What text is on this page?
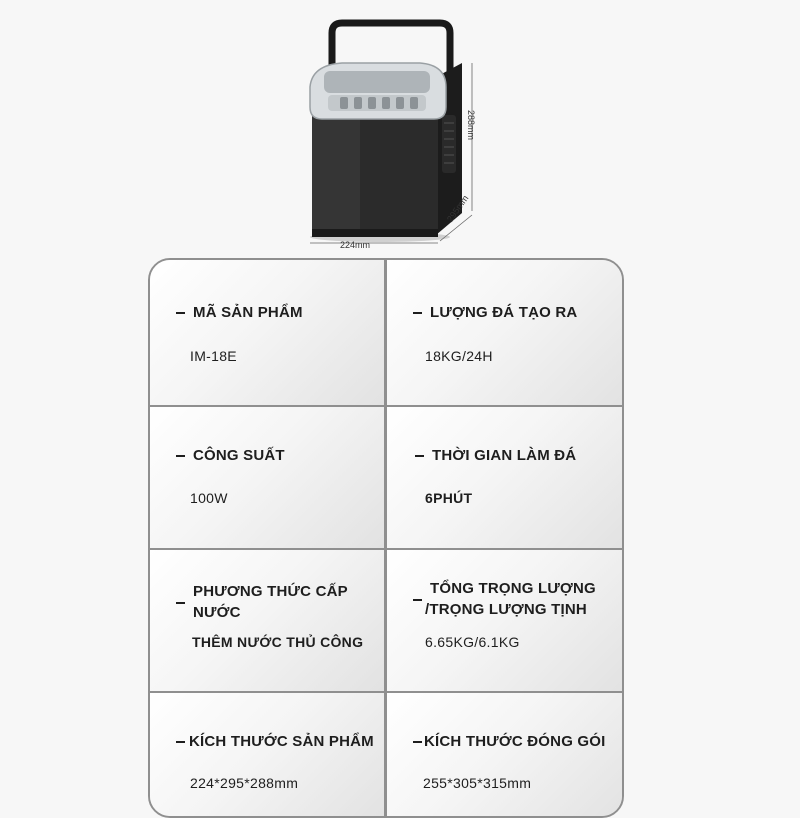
224mm
295mm
288mm
MÃ SẢN PHẨM
IM-18E
LƯỢNG ĐÁ TẠO RA
18KG/24H
CÔNG SUẤT
100W
THỜI GIAN LÀM ĐÁ
6PHÚT
PHƯƠNG THỨC CẤP
NƯỚC
THÊM NƯỚC THỦ CÔNG
TỔNG TRỌNG LƯỢNG
/TRỌNG LƯỢNG TỊNH
6.65KG/6.1KG
KÍCH THƯỚC SẢN PHẨM
224*295*288mm
KÍCH THƯỚC ĐÓNG GÓI
255*305*315mm
